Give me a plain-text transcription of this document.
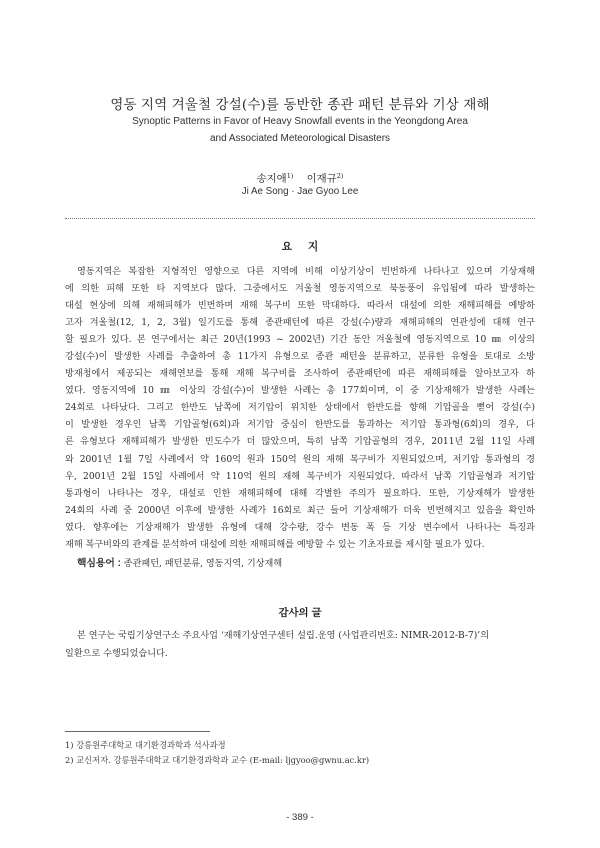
영동 지역 겨울철 강설(수)를 동반한 종관 패턴 분류와 기상 재해
Synoptic Patterns in Favor of Heavy Snowfall events in the Yeongdong Area
and Associated Meteorological Disasters
송지애$^{1)}$ 이재규$^{2)}$
Ji Ae Song · Jae Gyoo Lee
요지
영동지역은 복잡한 지형적인 영향으로 다른 지역에 비해 이상기상이 빈번하게 나타나고 있으며 기상재해
에 의한 피해 또한 타 지역보다 많다. 그중에서도 겨울철 영동지역으로 북동풍이 유입됨에 따라 발생하는
대설 현상에 의해 재해피해가 빈번하며 재해 복구비 또한 막대하다. 따라서 대설에 의한 재해피해를 예방하
고자 겨울철(12, 1, 2, 3월) 일기도를 통해 종관패턴에 따른 강설(수)량과 재해피해의 연관성에 대해 연구
할 필요가 있다. 본 연구에서는 최근 20년(1993 ~ 2002년) 기간 동안 겨울철에 영동지역으로 10 ㎜ 이상의
강설(수)이 발생한 사례를 추출하여 총 11가지 유형으로 종관 패턴을 분류하고, 분류한 유형을 토대로 소방
방재청에서 제공되는 재해연보를 통해 재해 복구비를 조사하여 종관패턴에 따른 재해피해를 알아보고자 하
였다. 영동지역에 10 ㎜ 이상의 강설(수)이 발생한 사례는 총 177회이며, 이 중 기상재해가 발생한 사례는
24회로 나타났다. 그리고 한반도 남쪽에 저기압이 위치한 상태에서 한반도를 향해 기압골을 뻗어 강설(수)
이 발생한 경우인 남쪽 기압골형(6회)과 저기압 중심이 한반도를 통과하는 저기압 통과형(6회)의 경우, 다
른 유형보다 재해피해가 발생한 빈도수가 더 많았으며, 특히 남쪽 기압골형의 경우, 2011년 2월 11일 사례
와 2001년 1월 7일 사례에서 약 160억 원과 150억 원의 재해 복구비가 지원되었으며, 저기압 통과형의 경
우, 2001년 2월 15일 사례에서 약 110억 원의 재해 복구비가 지원되었다. 따라서 남쪽 기압골형과 저기압
통과형이 나타나는 경우, 대설로 인한 재해피해에 대해 각별한 주의가 필요하다. 또한, 기상재해가 발생한
24회의 사례 중 2000년 이후에 발생한 사례가 16회로 최근 들어 기상재해가 더욱 빈번해지고 있음을 확인하
였다. 향후에는 기상재해가 발생한 유형에 대해 강수량, 강수 변동 폭 등 기상 변수에서 나타나는 특징과
재해 복구비와의 관계를 분석하여 대설에 의한 재해피해를 예방할 수 있는 기초자료를 제시할 필요가 있다.
핵심용어 : 종관패턴, 패턴분류, 영동지역, 기상재해
감사의 글
본 연구는 국립기상연구소 주요사업 ‘재해기상연구센터 설립․운영 (사업관리번호: NIMR-2012-B-7)’의
일환으로 수행되었습니다.
1) 강릉원주대학교 대기환경과학과 석사과정
2) 교신저자. 강릉원주대학교 대기환경과학과 교수 (E-mail: ljgyoo@gwnu.ac.kr)
- 389 -
